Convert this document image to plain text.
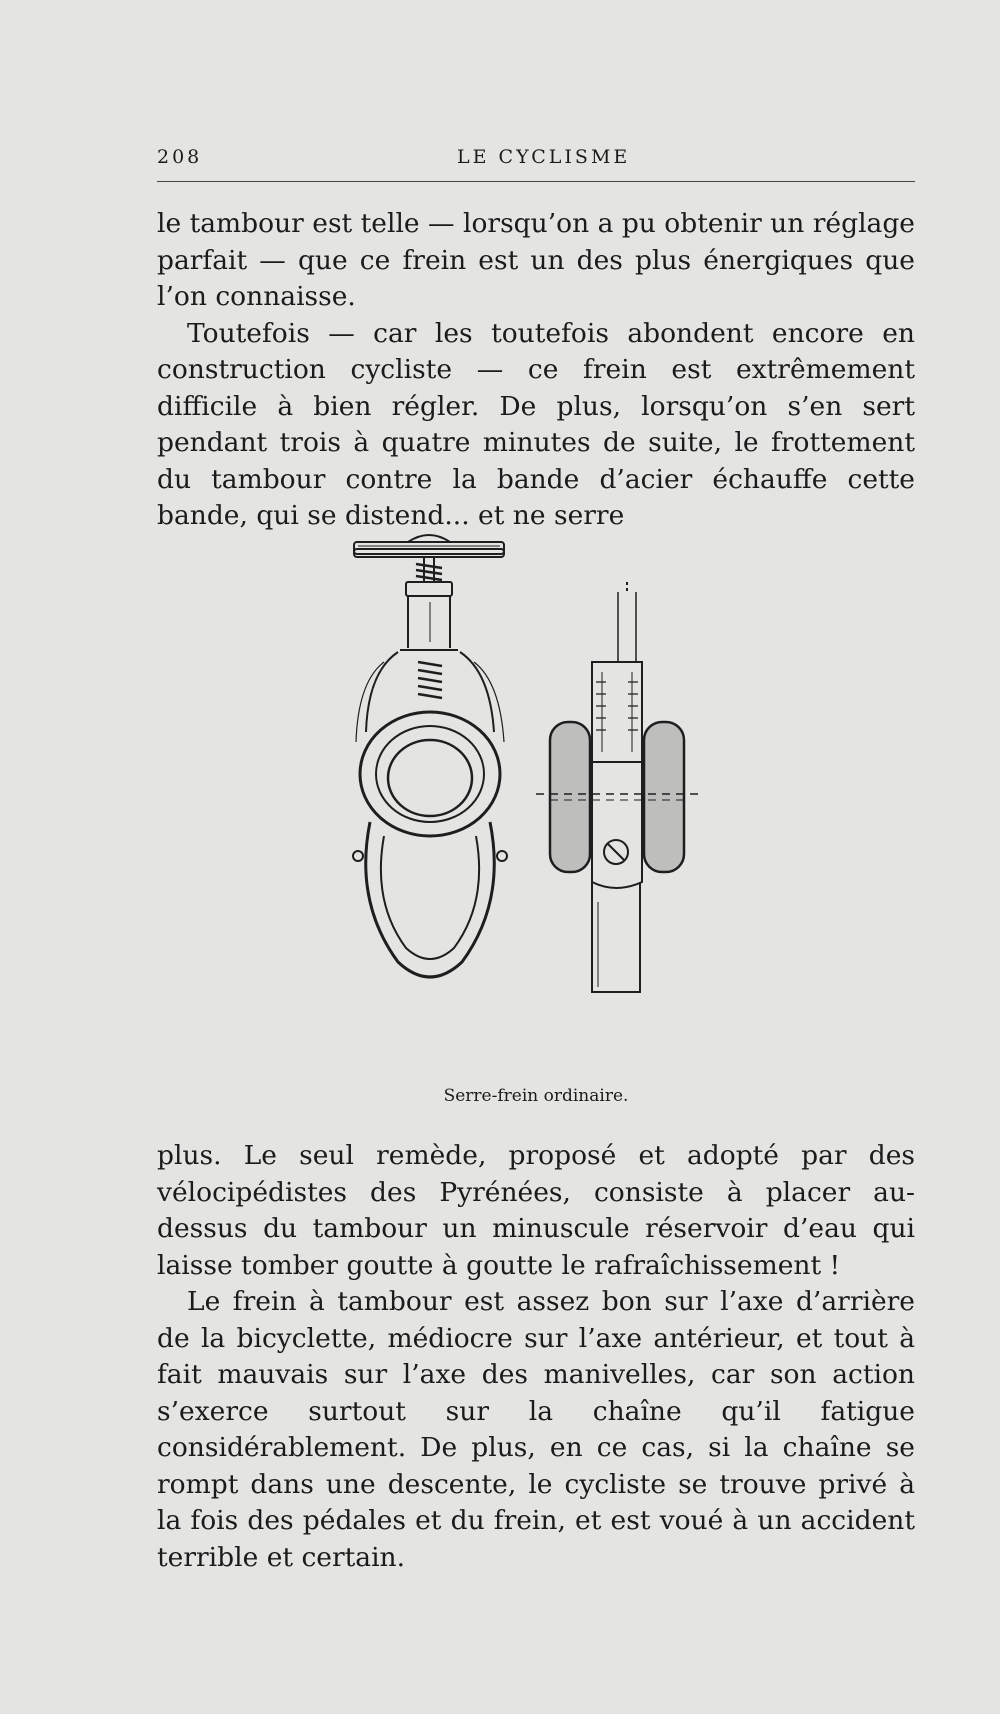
208	LE CYCLISME

le tambour est telle — lorsqu’on a pu obtenir un réglage parfait — que ce frein est un des plus énergiques que l’on connaisse.

Toutefois — car les toutefois abondent encore en construction cycliste — ce frein est extrêmement difficile à bien régler. De plus, lorsqu’on s’en sert pendant trois à quatre minutes de suite, le frottement du tambour contre la bande d’acier échauffe cette bande, qui se distend... et ne serre

Serre-frein ordinaire.

plus. Le seul remède, proposé et adopté par des vélocipédistes des Pyrénées, consiste à placer au-dessus du tambour un minuscule réservoir d’eau qui laisse tomber goutte à goutte le rafraîchissement !

Le frein à tambour est assez bon sur l’axe d’arrière de la bicyclette, médiocre sur l’axe antérieur, et tout à fait mauvais sur l’axe des manivelles, car son action s’exerce surtout sur la chaîne qu’il fatigue considérablement. De plus, en ce cas, si la chaîne se rompt dans une descente, le cycliste se trouve privé à la fois des pédales et du frein, et est voué à un accident terrible et certain.
